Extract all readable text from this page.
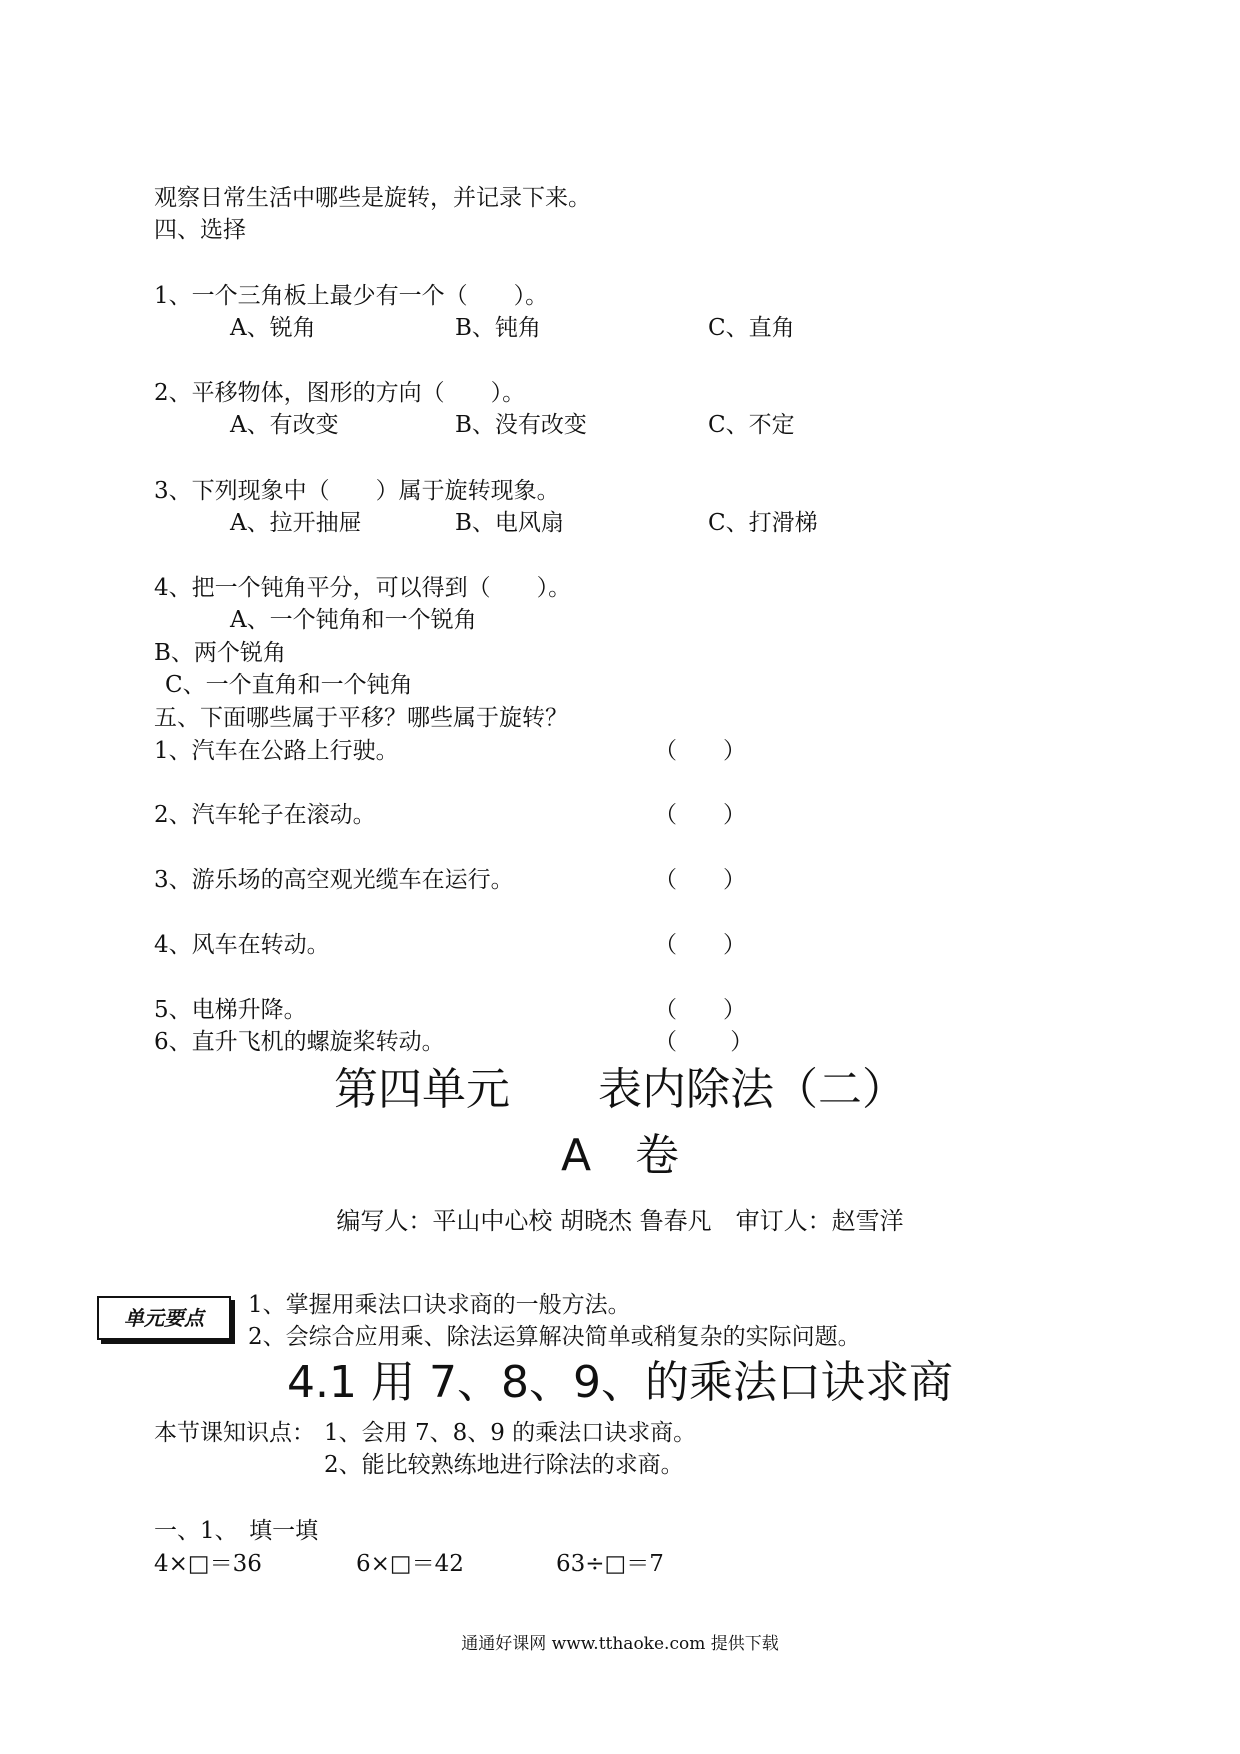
观察日常生活中哪些是旋转，并记录下来。
四、选择
1、一个三角板上最少有一个（　　）。
A、锐角	B、钝角	C、直角
2、平移物体，图形的方向（　　）。
A、有改变	B、没有改变	C、不定
3、下列现象中（　　）属于旋转现象。
A、拉开抽屉	B、电风扇	C、打滑梯
4、把一个钝角平分，可以得到（　　）。
A、一个钝角和一个锐角
B、两个锐角
C、一个直角和一个钝角
五、下面哪些属于平移？哪些属于旋转？
1、汽车在公路上行驶。	（　　）
2、汽车轮子在滚动。	（　　）
3、游乐场的高空观光缆车在运行。	（　　）
4、风车在转动。	（　　）
5、电梯升降。	（　　）
6、直升飞机的螺旋桨转动。	（　　 ）
第四单元　　表内除法（二）
A　卷
编写人：平山中心校 胡晓杰 鲁春凡　审订人：赵雪洋
单元要点	1、掌握用乘法口诀求商的一般方法。
2、会综合应用乘、除法运算解决简单或稍复杂的实际问题。
4.1 用 7、8、9、的乘法口诀求商
本节课知识点： 1、会用 7、8、9 的乘法口诀求商。
2、能比较熟练地进行除法的求商。
一、1、　填一填
4×□＝36	6×□＝42	63÷□＝7
通通好课网 www.tthaoke.com 提供下载
